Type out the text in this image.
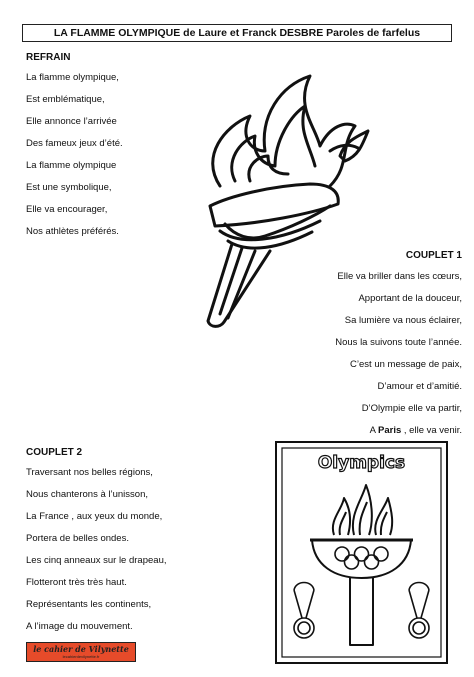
LA FLAMME OLYMPIQUE de Laure et Franck DESBRE Paroles de farfelus
REFRAIN
La flamme olympique,
Est emblématique,
Elle annonce l’arrivée
Des fameux jeux d’été.
La flamme olympique
Est une symbolique,
Elle va encourager,
Nos athlètes préférés.
COUPLET 1
Elle va briller dans les cœurs,
Apportant de la douceur,
Sa lumière va nous éclairer,
Nous la suivons toute l’année.
C’est un message de paix,
D’amour et d’amitié.
D’Olympie elle va partir,
A Paris , elle va venir.
COUPLET 2
Traversant nos belles régions,
Nous chanterons à l’unisson,
La France , aux yeux du monde,
Portera de belles ondes.
Les cinq anneaux sur le drapeau,
Flotteront très très haut.
Représentants les continents,
A l’image du mouvement.
Olympics
le cahier de Vilynette
lecahierdevilynette.fr
